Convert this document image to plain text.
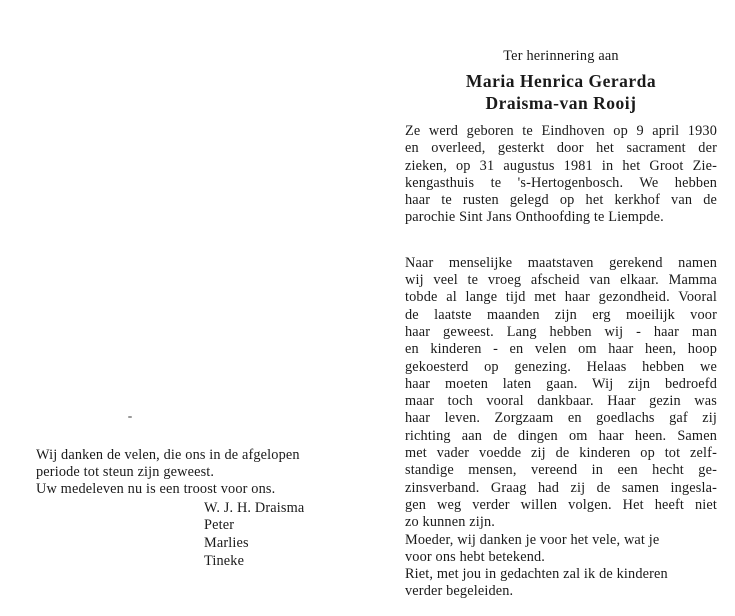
Wij danken de velen, die ons in de afgelopen
periode tot steun zijn geweest.
Uw medeleven nu is een troost voor ons.

W. J. H. Draisma
Peter
Marlies
Tineke

Ter herinnering aan

Maria Henrica Gerarda
Draisma-van Rooij

Ze werd geboren te Eindhoven op 9 april 1930
en overleed, gesterkt door het sacrament der
zieken, op 31 augustus 1981 in het Groot Zie-
kengasthuis te 's-Hertogenbosch. We hebben
haar te rusten gelegd op het kerkhof van de
parochie Sint Jans Onthoofding te Liempde.

Naar menselijke maatstaven gerekend namen
wij veel te vroeg afscheid van elkaar. Mamma
tobde al lange tijd met haar gezondheid. Vooral
de laatste maanden zijn erg moeilijk voor
haar geweest. Lang hebben wij - haar man
en kinderen - en velen om haar heen, hoop
gekoesterd op genezing. Helaas hebben we
haar moeten laten gaan. Wij zijn bedroefd
maar toch vooral dankbaar. Haar gezin was
haar leven. Zorgzaam en goedlachs gaf zij
richting aan de dingen om haar heen. Samen
met vader voedde zij de kinderen op tot zelf-
standige mensen, vereend in een hecht ge-
zinsverband. Graag had zij de samen ingesla-
gen weg verder willen volgen. Het heeft niet
zo kunnen zijn.

Moeder, wij danken je voor het vele, wat je
voor ons hebt betekend.
Riet, met jou in gedachten zal ik de kinderen
verder begeleiden.
